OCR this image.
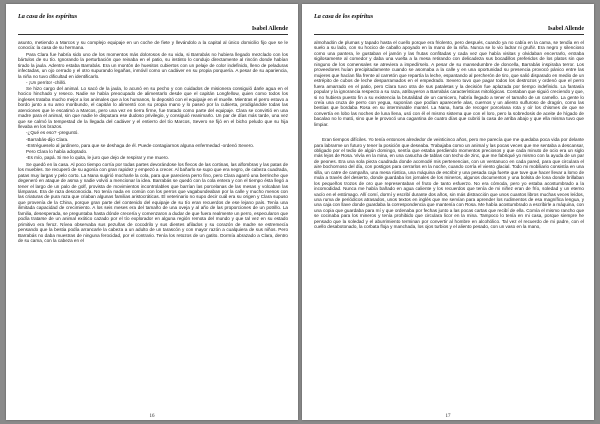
La casa de los espíritus

Isabel Allende

asunto, metiendo a Marcos y su complejo equipaje en un coche de fiete y llevándolo a la capital al único domicilio fijo que se le conocía: la casa de su hermana.

Para Clara fue habría sido uno de los momentos más dolorosos de su vida, si Barrabás no hubiera llegado mezclado con los bártulos de su tío. Ignorando la perturbación que reinaba en el patio, su instinto lo condujo directamente al rincón donde habían tirado la jaula. Adentro estaba Barrabás. Era un montón de huesitos cubiertos con un pelaje de color indefinido, lleno de peladuras infectadas, un ojo cerrado y el otro supurando legañas, inmóvil como un cadáver en su propia porquería. A pesar de su apariencia, la niña no tuvo dificultad en identificarlo.

- ¡Un perrito! -chilló.

Se hizo cargo del animal. Lo sacó de la jaula, lo acunó en su pecho y con cuidados de misionera consiguió darle agua en el hocico hinchado y reseco. Nadie se había preocupado de alimentarlo desde que el capitán Longfellow, quien como todos los ingleses trataba mucho mejor a los animales que a los humanos, lo depositó con el equipaje en el muelle. Mientras el perro estuvo a bordo junto a su amo moribundo, el capitán lo alimentó con su propia mano y lo paseó por la cubierta, prodigándole todas las atenciones que le escatimó a Marcos, pero una vez en tierra firme, fue tratado como parte del equipaje. Clara se convirtió en una madre para el animal, sin que nadie le disputara ese dudoso privilegio, y consiguió reanimarlo. Un par de días más tarde, una vez que se calmó la tempestad de la llegada del cadáver y el entierro del tío Marcos, Severo se fijó en el bicho peludo que su hija llevaba en los brazos.

-¿Qué es eso? -preguntó.

-Barrabás-dijo Clara.

-Entrégueselo al jardinero, para que se deshaga de él. Puede contagiarnos alguna enfermedad -ordenó Severo.

Pero Clara lo había adoptado.

-Es mío, papá. Si me lo quita, le juro que dejo de respirar y me muero.

Se quedó en la casa. Al poco tiempo corría por todas partes devorándose los flecos de las cortinas, las alfombras y las patas de los muebles. Se recuperó de su agonía con gran rapidez y empezó a crecer. Al bañarlo se supo que era negro, de cabeza cuadrada, patas muy largas y pelo corto. La Nana sugirió mocharle la cola, para que pareciera perro fino, pero Clara agarró una berrinche que degeneró en ataque de asma y nadie volvió a mencionar la idea. Barrabás se quedó con la cola entera y con el tiempo ésta llegó a tener el largo de un palo de golf, provista de movimientos incontrolables que barrían las porcelanas de las mesas y volcaban las lámparas. Era de raza desconocida. No tenía nada en común con los perros que vagabundeaban por la calle y mucho menos con las criaturas de pura raza que criaban algunas familias aristocráticas. El veterinario no supo decir cuál era su origen y Clara supuso que provenía de la China, porque gran parte del contenido del equipaje de su tío eran recuerdos de ese lejano país. Tenía una ilimitada capacidad de crecimiento. A los seis meses era del tamaño de una oveja y al año de las proporciones de un potrillo. La familia, desesperada, se preguntaba hasta dónde crecería y comenzaron a dudar de que fuera realmente un perro, especularon que podía tratarse de un animal exótico cazado por el tío explorador en alguna región remota del mundo y que tal vez en su estado primitivo era feroz. Nívea observaba sus pezuñas de cocodrilo y sus dientes afilados y su corazón de madre se estremecía pensando que la bestia podía arrancarle la cabeza a un adulto de un tarascón y con mayor razón a cualquiera de sus niños. Pero Barrabás no daba muestras de ninguna ferocidad, por el contrario. Tenía los retozos de un gatito. Dormía abrazado a Clara, dentro de su cama, con la cabeza en el

16

La casa de los espíritus

Isabel Allende

almohadón de plumas y tapado hasta el cuello porque era friolento, pero después, cuando ya no cabía en la cama, se tendía en el suelo a su lado, con su hocico de caballo apoyado en la mano de la niña. Nunca se lo vio ladrar ni gruñir. Era negro y silencioso como una pantera, le gustaban el jamón y las frutas confitadas y cada vez que había visitas y olvidaban encerrarlo, entraba sigilosamente al comedor y daba una vuelta a la mesa retirando con delicadeza sus bocadillos preferidos de los platos sin que ninguno de los comensales se atreviera a impedírselo. A pesar de su mansedumbre de doncella, Barrabás inspiraba terror. Los proveedores huían precipitadamente cuando se asomaba a la calle y en una oportunidad su presencia provocó pánico entre las mujeres que hacían fila frente al carretón que repartía la leche, espantando al percherón de tiro, que salió disparado en medio de un estrépito de cubos de leche desparramados en el empedrado. Severo tuvo que pagar todos los destrozos y ordenó que el perro fuera amarrado en el patio, pero Clara tuvo otra de sus pataletas y la decisión fue aplazada por tiempo indefinido. La fantasía popular y la ignorancia respecto a su raza, atribuyeron a Barrabás características mitológicas. Contaban que siguió creciendo y que, si no hubiera puesto fin a su existencia la brutalidad de un carnicero, habría llegado a tener el tamaño de un camello. La gente lo creía una cruza de perro con yegua, suponían que podían aparecerle alas, cuernos y un aliento sulfuroso de dragón, como las bestias que bordaba Rosa en su interminable mantel. La Nana, harta de recoger porcelana rota y oír los chismes de que se convertía en lobo las noches de luna llena, usó con él el mismo sistema que con el loro, pero la sobredosis de aceite de hígado de bacalao no lo mató, sino que le provocó una cagantina de cuatro días que cubrió la casa de arriba abajo y que ella misma tuvo que limpiar.

Eran tiempos difíciles. Yo tenía entonces alrededor de veinticinco años, pero me parecía que me quedaba poca vida por delante para labrarme un futuro y tener la posición que deseaba. Trabajaba como un animal y las pocas veces que me sentaba a descansar, obligado por el tedio de algún domingo, sentía que estaba perdiendo momentos preciosos y que cada minuto de ocio era un siglo más lejos de Rosa. Vivía en la mina, en una casucha de tablas con techo de zinc, que me fabriqué yo mismo con la ayuda de un par de peones. Era una sola pieza cuadrada donde acomodé mis pertenencias, con un ventanuco en cada pared, para que circulara el aire bochornoso del día, con postigos para cerrarlos en la noche, cuando corría el viento glacial. Todo mi mobiliario consistía en una silla, un catre de campaña, una mesa rústica, una máquina de escribir y una pesada caja fuerte que tuve que hacer llevar a lomo de mula a través del desierto, donde guardaba los jornales de los mineros, algunos documentos y una bolsita de lona donde brillaban los pequeños trozos de oro que representaban el fruto de tanto esfuerzo. No era cómoda, pero yo estaba acostumbrado a la incomodidad. Nunca me había bañado en agua caliente y los recuerdos que tenía de mi niñez eran de frío, soledad y un eterno vacío en el estómago. Allí comí, dormí y escribí durante dos años, sin más distracción que unos cuantos libros muchas veces leídos, una ruma de periódicos atrasados, unos textos en inglés que me servían para aprender los rudimentos de esa magnífica lengua, y una caja con llave donde guardaba la correspondencia que mantenía con Rosa. Me había acostumbrado a escribirle a máquina, con una copia que guardaba para mí y que ordenaba por fechas junto a las pocas cartas que recibí de ella. Comía el mismo rancho que se cocinaba para los mineros y tenía prohibido que circulara licor en la mina. Tampoco lo tenía en mi casa, porque siempre he pensado que la soledad y el aburrimiento terminan por convertir al hombre en alcohólico. Tal vez el recuerdo de mi padre, con el cuello desabotonado, la corbata floja y manchada, los ojos turbios y el aliento pesado, con un vaso en la mano,

17
